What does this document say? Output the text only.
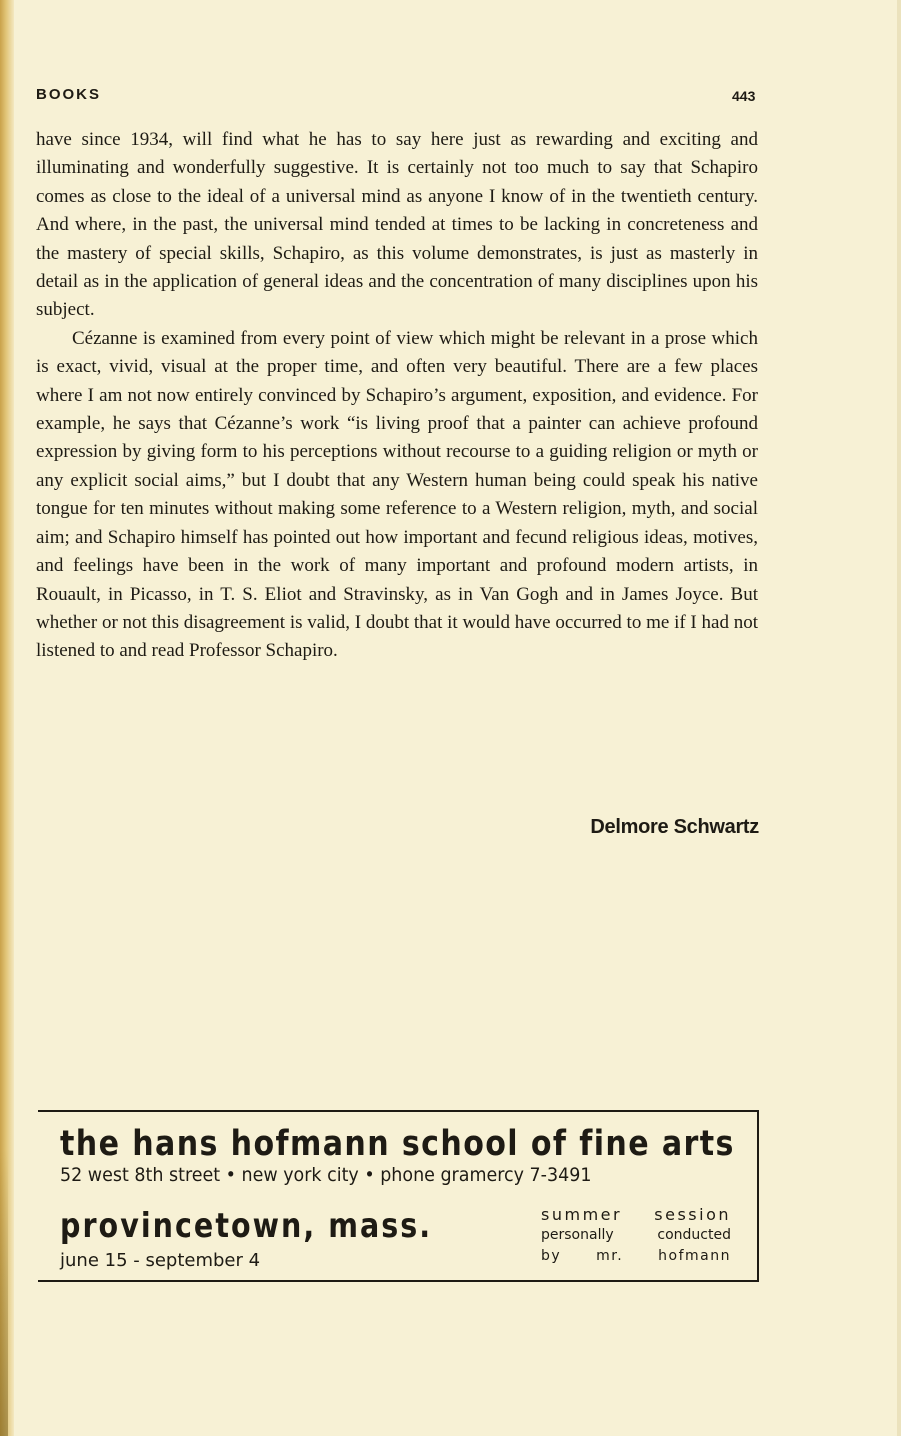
BOOKS	443

have since 1934, will find what he has to say here just as rewarding and exciting and illuminating and wonderfully suggestive. It is certainly not too much to say that Schapiro comes as close to the ideal of a universal mind as anyone I know of in the twentieth century. And where, in the past, the universal mind tended at times to be lacking in concreteness and the mastery of special skills, Schapiro, as this volume demonstrates, is just as masterly in detail as in the application of general ideas and the concentration of many disciplines upon his subject.

Cézanne is examined from every point of view which might be relevant in a prose which is exact, vivid, visual at the proper time, and often very beautiful. There are a few places where I am not now entirely convinced by Schapiro’s argument, exposition, and evidence. For example, he says that Cézanne’s work “is living proof that a painter can achieve profound expression by giving form to his perceptions without recourse to a guiding religion or myth or any explicit social aims,” but I doubt that any Western human being could speak his native tongue for ten minutes without making some reference to a Western religion, myth, and social aim; and Schapiro himself has pointed out how important and fecund religious ideas, motives, and feelings have been in the work of many important and profound modern artists, in Rouault, in Picasso, in T. S. Eliot and Stravinsky, as in Van Gogh and in James Joyce. But whether or not this disagreement is valid, I doubt that it would have occurred to me if I had not listened to and read Professor Schapiro.

Delmore Schwartz
the hans hofmann school of fine arts
52 west 8th street • new york city • phone gramercy 7-3491
provincetown, mass.
june 15 - september 4
summer session
personally conducted
by mr. hofmann
